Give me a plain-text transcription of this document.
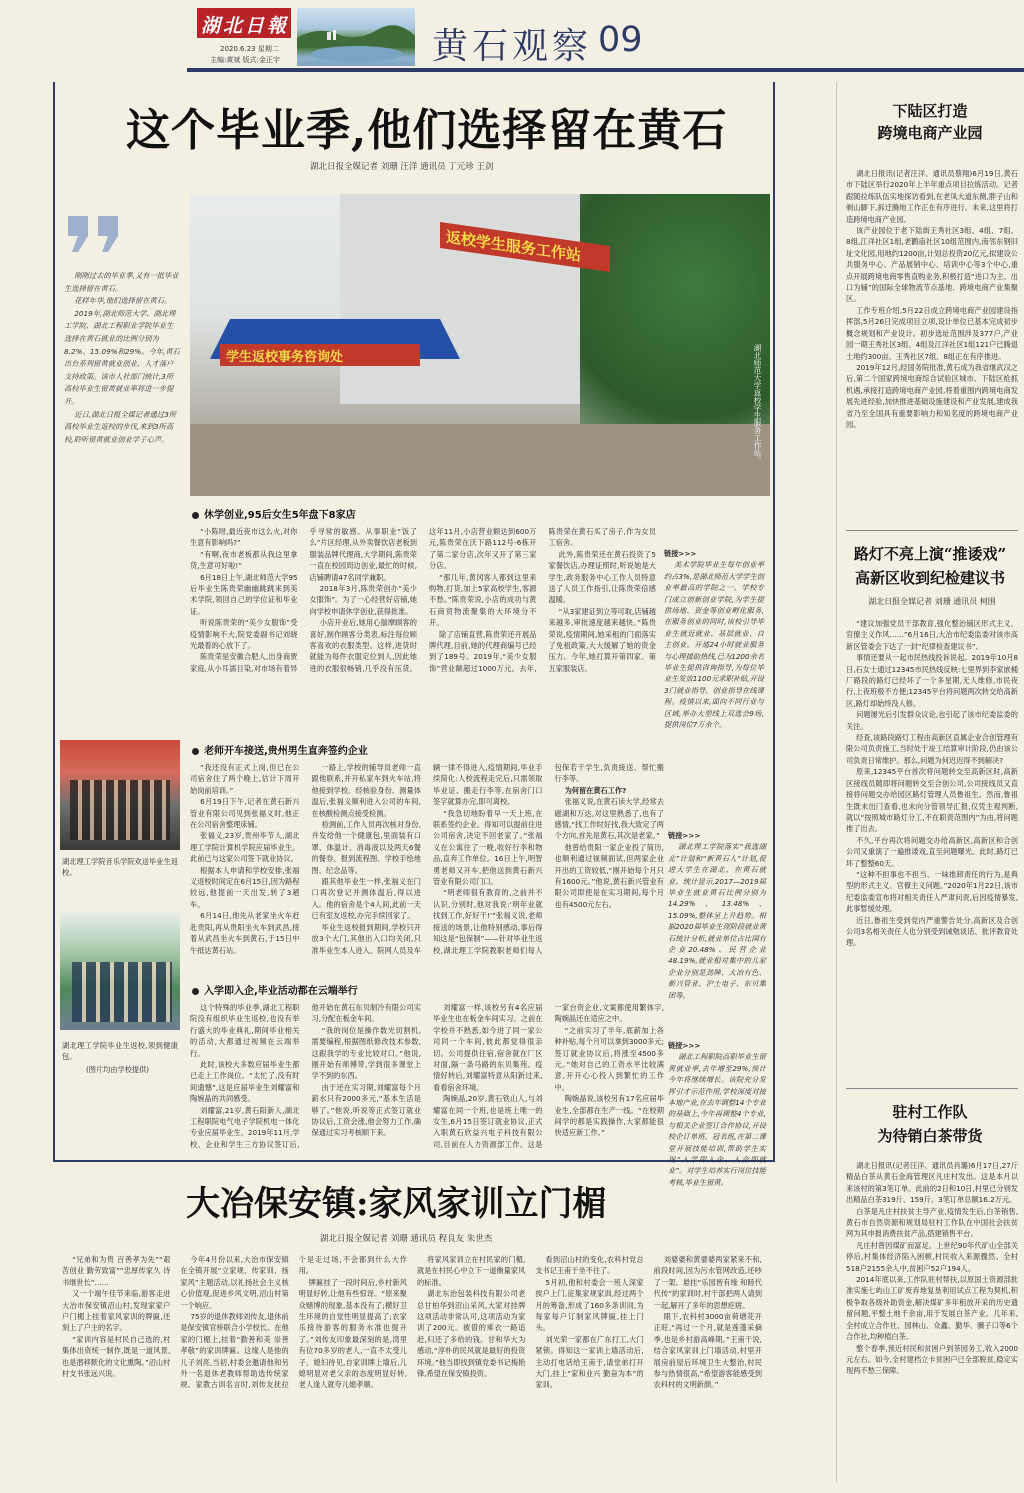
湖北日報
2020.6.23 星期二
主编:黄斌 版式:金正宇	黄石观察 09
这个毕业季,他们选择留在黄石
湖北日报全媒记者 刘珊 汪洋 通讯员 丁元珍 王剑

刚刚过去的毕业季,又有一批毕业生选择留在黄石。

花样年华,他们选择留在黄石。

2019年,湖北师范大学、湖北理工学院、湖北工程职业学院毕业生选择在黄石就业的比例分别为8.2%、15.09%和29%。今年,黄石出台系列留黄就业创业、人才落户支持政策。该市人社部门统计,3所高校毕业生留黄就业率将进一步提升。

近日,湖北日报全媒记者通过3所高校毕业生返校的步伐,来到3所高校,聆听留黄就业创业学子心声。

返校学生服务工作站
学生返校事务咨询处	湖北师范大学返校学生服务工作站。
休学创业,95后女生5年盘下8家店

“小陈呀,最近夜市这么火,对你生意有影响吗?”

“有啊,夜市老板都从我这里拿货,生意可好啦!”

6月18日上午,湖北师范大学95后毕业生陈贵荣幽幽跳跳来到美术学院,领回自己的学位证和毕业证。

听说陈贵荣的“美少女服饰”受疫情影响不大,院党委副书记刘晓光最着的心放下了。

陈贵荣是安徽合肥人,出身商贾家庭,从小耳濡目染,对市场有着异乎寻常的敏感。从事职业“饭了么”片区经理,从外卖餐饮店老板到服装品牌代理商,大学期间,陈贵荣一直在校园周边创业,最忙的时候,店铺聘请47名同学兼职。

2018年3月,陈贵荣创办“美少女服饰”。为了一心经营好店铺,她向学校申请休学创业,获得批准。

小店开业后,她用心揣摩顾客的喜好,制作顾客分类表,标注每位顾客喜欢的衣服类型。这样,进货时就能为每件衣服定位到人,因此她进的衣服很畅销,几乎没有压货。这年11月,小店营业额达到600万元,陈贵荣在沃下路112号-6栋开了第二家分店,次年又开了第三家分店。

“那几年,黄冈客人都到这里来购物,打货,加上5家高校学生,客源不愁。”陈贵荣说,小店的成功与黄石商贸物流聚集的大环境分不开。

除了店铺直营,陈贵荣还开展品牌代理,目前,她的代理商编号已经到了189号。2019年,“美少女服饰”营业额超过1000万元。去年,陈贵荣在黄石买了房子,作为女员工宿舍。

此外,陈贵荣还在黄石投资了5家餐饮店,办理证照时,听说她是大学生,政务服务中心工作人员特意送了人员工作指引,让陈贵荣倍感温暖。

“从3家建证到立等可取,店铺越来越多,审批速度越来越快。”陈贵荣说,疫情期间,她采租的门面落实了免租政策,大大缓解了她的资金压力。今年,她打算开第四家、第五家服装店。

链接>>>

美术学院毕业生每年创业率约占3%,是湖北师范大学学生创业率最高的学院之一。学校专门成立创新创业学院,为学生提供场地、资金等创业孵化服务,在服务创业的同时,该校引导毕业生就近就业、基层就业、自主创业。开通24小时就业服务与心理援助热线,已为1200余名毕业生提供咨询指导,为每位毕业生发放1100元求职补贴,开设3门就业指导、创业指导在线课程。疫情以来,面向不同行业与区域,举办大型线上双选会9场,提供岗位7万余个。

湖北理工学院音乐学院欢送毕业生返校。
湖北理工学院毕业生返校,领到健康包。
(图片均由学校提供)
老师开车接送,贵州男生直奔签约企业

“我还没有正式上岗,但已在公司宿舍住了两个晚上,估计下周开始岗前培训。”

6月19日下午,记者在黄石新兴管业有限公司见到张福义时,他正在公司宿舍整理床铺。

张福义,23岁,贵州毕节人,湖北理工学院计算机学院应届毕业生。此前已与这家公司签下就业协议。

根据本人申请和学校安排,张福义返校时间定在6月15日,因为路程较远,他提前一天出发,转了3趟车。

6月14日,他先从老家坐火车赶赴贵阳,再从贵阳坐火车到武昌,接着从武昌坐火车到黄石,于15日中午抵达黄石站。

一路上,学校的辅导员老师一直跟他联系,并开私家车到火车站,将他接到学校。经核验身份、测量体温后,张福义顺利进入公司的车间,在核酸检测点接受检测。

检测前,工作人员再次核对身份,并发给他一个健康包,里面装有口罩、体温计、消毒液以及两天6餐的餐券、报到流程图、学校手绘地图、纪念品等。

跟其他毕业生一样,张福义在门口再次登记并测体温后,得以进入。他的宿舍是个4人间,此前一天已有室友返校,办完手续回家了。

毕业生返校报到期间,学校只开放3个大门,其他出入口均关闭,只准毕业生本人进入。院网人员及车辆一律不得进入,疫情期间,毕业手续简化:人校流程走完后,只需领取毕业证、搬走行李等,在宿舍门口签字就算办完,即可离校。

“我急切地盼着早一天上班,在联系签约企业。得知可以提前住进公司宿舍,决定不回老家了。”张福义在公寓住了一晚,收好行李和物品,直奔工作单位。16日上午,明智勇老师又开车,把他送到黄石新兴管业有限公司门口。

“明老师很有教育的,之前并不认识,分别时,他对我说:‘明年业就找到工作,好好干!’”张福义说,老师接送的场景,让他特别感动,事后得知这是“包保制”——针对毕业生返校,湖北理工学院教职老师们每人包保若干学生,负责接送、帮忙搬行李等。

为何留在黄石工作?

张福义说,在黄石读大学,经常去磁湖和万达,对这里熟悉了,也有了感情,“找工作时好找,我大致定了两个方向,首先是黄石,其次是老家。”

他曾给贵阳一家企业投了简历,也顺利通过视频面试,但两家企业开出的工资较低,“刚开始每个月只有1600元。”他说,黄石新兴管业有限公司即使是在实习期间,每个月也有4500元左右。

链接>>>

湖北理工学院落实“我选湖北”计划和“新黄石人”计划,促进大学生在湖北、在黄石就业。统计显示,2017—2019届毕业生就业黄石比例分别为14.29%、13.48%、15.09%,整体呈上升趋势。根据2020届毕业生现阶段就业黄石统计分析,就业单位占比国有企业20.48%、民营企业48.19%,就业相对集中的儿家企业分别是劲牌、大冶有色、新兴管业、沪士电子、东贝集团等。

入学即入企,毕业活动都在云端举行

这个特殊的毕业季,湖北工程职院没有组织毕业生返校,也没有举行盛大的毕业典礼,期间毕业相关的活动,大都通过视频在云端举行。

此时,该校大多数应届毕业生都已走上工作岗位。“太忙了,没有时间遗憾”,这是应届毕业生刘耀富和陶婉晶的共同感受。

刘耀富,21岁,黄石阳新人,湖北工程职院电气电子学院机电一体化专业应届毕业生。2019年11月,学校、企业和学生三方协议签订后,他开始在黄石东贝制冷有限公司实习,分配在板金车间。

“我的岗位是操作数光切割机,需要编程,根据图纸修改技术参数,这跟我学的专业比较对口。”他说,刚开始有师傅带,学到很多课堂上学不到的东西。

由于还在实习期,刘耀富每个月薪水只有2000多元,“基本生活是够了。”他说,听说等正式签订就业协议后,工资会涨,他会努力工作,确保通过实习考核顺下来。

刘耀富一样,该校另有4名应届毕业生也在板金车间实习。之前在学校并不熟悉,如今进了同一家公司同一个车间,彼此都觉得很亲切。公司提供住宿,宿舍就在厂区对面,隔一条马路的东贝集苑。疫情好转后,刘耀富特意从阳新过来,看看宿舍环境。

陶婉晶,20岁,黄石铁山人,与刘耀富在同一个班,也是班上唯一的女生,6月15日签订就业协议,正式入职黄石欣益兴电子科技有限公司,目前在人力资源部工作。这是一家台资企业,文案都使用繁体字,陶婉晶还在适应之中。

“之前实习了半年,底薪加上各种补贴,每个月可以拿到3000多元;签订就业协议后,将涨至4500多元。”她对自己的工资水平比较满意,开开心心投入到繁忙的工作中。

陶婉晶说,该校另有17名应届毕业生,全部都在生产一线。“在校期间学的都是实践操作,大家都能很快适应新工作。”

链接>>>

湖北工程职院高职毕业生留黄就业率,去年增至29%,预计今年将继续增长。该院充分发挥引才示范作用,学校深度对接本地产业,在去年调整14个专业的基础上,今年再调整4个专业,与相关企业签订合作协议,开设校企订单班、冠名班,在第二课堂开展技能培训,帮助学生实现“入学即入企、入企即就业”。对学生培养实行岗位技能考核,毕业生留黄。

大冶保安镇:家风家训立门楣
湖北日报全媒记者 刘珊 通讯员 程良友 朱世杰

“兄弟和为贵 百善孝为先”“艰苦创业 勤劳致富”“忠厚传家久 诗书继世长”……

又一个端午佳节来临,游客走进大冶市保安镇沼山村,发现家家户户门楣上挂着家风家训的牌匾,还刻上了户主的名字。

“家训内容是村民自己选的,村集体出资统一制作,既是一道风景,也是潜移默化的文化熏陶。”沼山村村支书张远兴说。

今年4月份以来,大冶市保安镇在全镇开展“立家规、传家训、扬家风”主题活动,以礼扬社会主义核心价值观,促进乡风文明,沼山村第一个响应。

75岁的退休教师刘传友,退休前是保安镇官桥联合小学校长。在他家的门楣上,挂着“勤善和美 崇善孝敬”的家训牌匾。这缘人是他的儿子刘亮,当初,村委会邀请他和另外一名退休老教师帮助选传统家规、家教古训名言时,刘传友抚拉个是走过场,不会都到什么大作用。

牌匾挂了一段时间后,乡村新风明显好转,让他有些惊讶。“原来聚众赌博的现象,基本没有了;横好卫生环境的自觉性明显提高了;农家乐接待游客的服务水准也提升了。”刘传友印象最深刻的是,湾里有位70多岁的老人,一直不太受儿子、媳妇待见,自家训牌上墙后,儿媳明显对老父亲的态度明显好转,老人逢人就夸儿媳孝顺。

将家风家训立在村民家的门楣,就是在村民心中立下一道衡量家风的标准。

湖北东治包装科技有限公司老总甘柏华到沼山采风,大家对挂牌这项活动非常认可,这项活动为家训了200元。被借的乘衣一路追赶,归还了多给的钱。甘和华大为感动,“淳朴的民风就是最好的投资环境。”他当即找到镇党委书记梅艳锋,希望在保安镇投资。

看到沼山村的变化,农科村党总支书记王甫于坐不住了。

5月初,他和村委会一班人深家挨户上门,征集家规家训,经过两个月的筹备,形成了160多条训词,为每家每户订制家风牌匾,挂上门头。

刘光荣一家都在广东打工,大门紧锁。得知这一家训上墙活动后,主动打电话给王甫于,请堂弟打开大门,挂上“家和业兴 勤奋为本”的家训。

刘婆婆和黄婆婆两家紧来不和,前段时间,因为污水管网改造,还吵了一架。悬挂“乐园皆有缘 和睦代代传”的家训时,村干部把两人请到一起,解开了多年的思想疙瘩。

眼下,农科村3000亩荷塘花开正旺,“再过一个月,就是莲蓬采摘季,也是乡村游高峰期。”王甫干说,结合家风家训上门墙活动,村里开展房前屋后环境卫生大整治,村民参与热情很高,“希望游客能感受到农科村的文明新颜。”

下陆区打造
跨境电商产业园

湖北日报讯(记者汪洋、通讯员蔡翔)6月19日,黄石市下陆区举行2020年上半年重点项目拉练活动。记者跟随拉练队伍实地探访看到,在老凤大道东侧,胖子山和剃山脚下,拆迁腾地工作正在有序进行。未来,这里将打造跨境电商产业园。

该产业园位于老下陆街王秀社区3组、4组、7组、8组,江洋社区1组,老鹳庙社区10组范围内,南邻东钢旧址文化园,用地约1200亩,计划总投资20亿元,拟建设公共服务中心、产品展销中心、培训中心等3个中心,重点开展跨境电商零售直购业务,积极打造“进口为主、出口为辅”的国际全球物流节点基地、跨境电商产业集聚区。

工作专班介绍,5月22日成立跨境电商产业园建设指挥部,5月26日完成项目立项,设计单位已基本完成初步概念规划和产业设计。初步选址范围涉及377户,产业园一期王秀社区3组、4组及江洋社区1组121户已腾退土地约300亩。王秀社区7组、8组正在有序推进。

2019年12月,经国务院批准,黄石成为我省继武汉之后,第二个国家跨境电商综合试验区城市。下陆区抢抓机遇,承接打造跨境电商产业园,将着重围内跨境电商发展先进经验,加快推进基础设施建设和产业发展,建成我省乃至全国具有重要影响力和知名度的跨境电商产业园。

路灯不亮上演“推诿戏”
高新区收到纪检建议书
湖北日报全媒记者 刘珊 通讯员 柯围

“建议加强党员干部教育,强化整治铺区形式主义、官僚主义作风……”6月16日,大冶市纪委监委对该市高新区管委会下达了一封“纪律检查建议书”。

事情还要从一起市民热线投诉说起。2019年10月8日,石女士通过12345市民热线反映:七里界到李家嵌桶厂路段的路灯已经坏了一个多星期,无人维修,市民夜行,上夜班极不方便;12345平台将问题两次转交给高新区,路灯却始终没人修。

问题屡光后引发群众议论,也引起了该市纪委监委的关注。

经查,该路段路灯工程由高新区直属企业合创管理有限公司负责施工,当时处于竣工结算审计阶段,仍由该公司负责日常维护。那么,问题为何迟迟得不到解决?

原来,12345平台首次将问题转交至高新区时,高新区接线员随即将问题转交至合创公司,公司接线员又直接将问题交办给园区路灯管理人员鲁祖生。然而,鲁祖生既未出门查看,也未向分管领导汇报,仅凭主观判断,就以“按照城市路灯分工,不在职责范围内”为由,将问题推了出去。

不久,平台再次将问题交办给高新区,高新区和合创公司又重演了一遍推诿戏,直至问题曝光。此时,路灯已坏了整整60天。

“这种不担事也不担当、一味推卸责任的行为,是典型的形式主义、官僚主义问题。”2020年1月22日,该市纪委监委宣布将对相关责任人严肃问责,后因疫情暴发,此事暂缓处理。

近日,鲁祖生受到党内严重警告处分,高新区及合创公司3名相关责任人也分别受到诫勉谈话、批评教育处理。

驻村工作队
为待销白茶带货

湖北日报讯(记者汪洋、通讯员肖璐)6月17日,27斤精品白茶从黄石金海管理区凡庄村发出。这是本月以来该村的第3笔订单。此前的2日和10日,村里已分别发出精品白茶319斤、159斤。3笔订单总额16.2万元。

白茶是凡庄村扶贫主导产业,疫情发生后,白茶销售,黄石市自然资源和规划局驻村工作队在中国社会扶贫网为其申报消费扶贫产品,搭建销售平台。

凡庄村曾因煤矿而富足。上世纪90年代矿山全部关停后,村集体经济陷入困顿,村民收入来源骤然。全村518户2155余人中,贫困户52户194人。

2014年底以来,工作队驻村帮扶,以原国土资源部批准实施七屿山工矿废弃地复垦利用试点工程为契机,积极争取各级补助资金,解决煤矿多年租放开采的历史遗留问题,平整土地千余亩,用于发展白茶产业。几年来,全村成立合作社、园林山、众鑫、勤华、骥子口等6个合作社,均种植白茶。

整个春季,预近村民和贫困户到茶园务工,收入2000元左右。如今,全村建档立卡贫困户已全部脱贫,稳定实现两不愁三保障。
